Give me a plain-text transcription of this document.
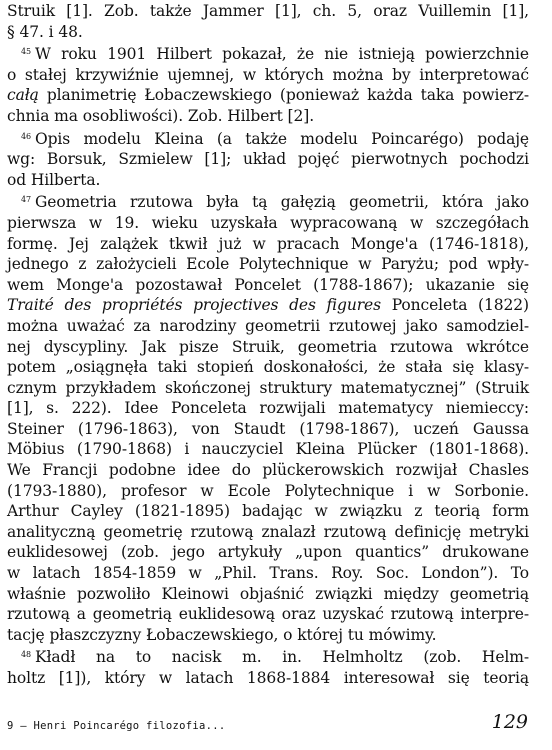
Struik [1]. Zob. także Jammer [1], ch. 5, oraz Vuillemin [1],
§ 47. i 48.
$^{45}$ W roku 1901 Hilbert pokazał, że nie istnieją powierzchnie
o stałej krzywiźnie ujemnej, w których można by interpretować
całą planimetrię Łobaczewskiego (ponieważ każda taka powierz-
chnia ma osobliwości). Zob. Hilbert [2].
$^{46}$ Opis modelu Kleina (a także modelu Poincarégo) podaję
wg: Borsuk, Szmielew [1]; układ pojęć pierwotnych pochodzi
od Hilberta.
$^{47}$ Geometria rzutowa była tą gałęzią geometrii, która jako
pierwsza w 19. wieku uzyskała wypracowaną w szczegółach
formę. Jej zalążek tkwił już w pracach Monge'a (1746-1818),
jednego z założycieli Ecole Polytechnique w Paryżu; pod wpły-
wem Monge'a pozostawał Poncelet (1788-1867); ukazanie się
Traité des propriétés projectives des figures Ponceleta (1822)
można uważać za narodziny geometrii rzutowej jako samodziel-
nej dyscypliny. Jak pisze Struik, geometria rzutowa wkrótce
potem „osiągnęła taki stopień doskonałości, że stała się klasy-
cznym przykładem skończonej struktury matematycznej” (Struik
[1], s. 222). Idee Ponceleta rozwijali matematycy niemieccy:
Steiner (1796-1863), von Staudt (1798-1867), uczeń Gaussa
Möbius (1790-1868) i nauczyciel Kleina Plücker (1801-1868).
We Francji podobne idee do plückerowskich rozwijał Chasles
(1793-1880), profesor w Ecole Polytechnique i w Sorbonie.
Arthur Cayley (1821-1895) badając w związku z teorią form
analityczną geometrię rzutową znalazł rzutową definicję metryki
euklidesowej (zob. jego artykuły „upon quantics” drukowane
w latach 1854-1859 w „Phil. Trans. Roy. Soc. London”). To
właśnie pozwoliło Kleinowi objaśnić związki między geometrią
rzutową a geometrią euklidesową oraz uzyskać rzutową interpre-
tację płaszczyzny Łobaczewskiego, o której tu mówimy.
$^{48}$ Kładł na to nacisk m. in. Helmholtz (zob. Helm-
holtz [1]), który w latach 1868-1884 interesował się teorią
9 — Henri Poincarégo filozofia...	129
